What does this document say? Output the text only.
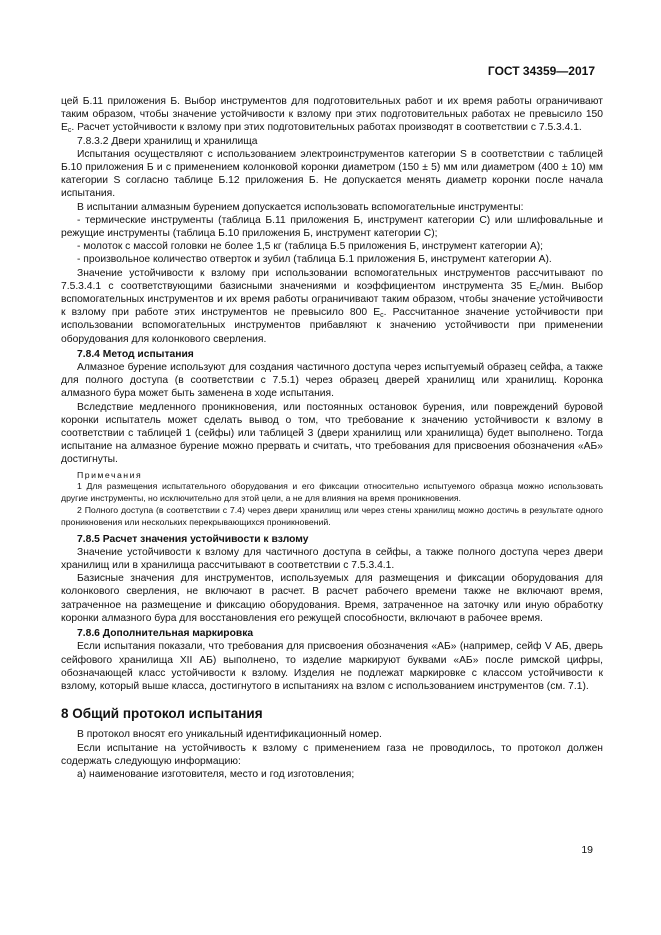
ГОСТ 34359—2017

цей Б.11 приложения Б. Выбор инструментов для подготовительных работ и их время работы ограничивают таким образом, чтобы значение устойчивости к взлому при этих подготовительных работах не превысило 150 $E_c$. Расчет устойчивости к взлому при этих подготовительных работах производят в соответствии с 7.5.3.4.1.

7.8.3.2 Двери хранилищ и хранилища

Испытания осуществляют с использованием электроинструментов категории S в соответствии с таблицей Б.10 приложения Б и с применением колонковой коронки диаметром (150 ± 5) мм или диаметром (400 ± 10) мм категории S согласно таблице Б.12 приложения Б. Не допускается менять диаметр коронки после начала испытания.

В испытании алмазным бурением допускается использовать вспомогательные инструменты:

- термические инструменты (таблица Б.11 приложения Б, инструмент категории С) или шлифовальные и режущие инструменты (таблица Б.10 приложения Б, инструмент категории С);

- молоток с массой головки не более 1,5 кг (таблица Б.5 приложения Б, инструмент категории А);

- произвольное количество отверток и зубил (таблица Б.1 приложения Б, инструмент категории А).

Значение устойчивости к взлому при использовании вспомогательных инструментов рассчитывают по 7.5.3.4.1 с соответствующими базисными значениями и коэффициентом инструмента 35 $E_c$/мин. Выбор вспомогательных инструментов и их время работы ограничивают таким образом, чтобы значение устойчивости к взлому при работе этих инструментов не превысило 800 $E_c$. Рассчитанное значение устойчивости при использовании вспомогательных инструментов прибавляют к значению устойчивости при применении оборудования для колонкового сверления.

7.8.4 Метод испытания

Алмазное бурение используют для создания частичного доступа через испытуемый образец сейфа, а также для полного доступа (в соответствии с 7.5.1) через образец дверей хранилищ или хранилищ. Коронка алмазного бура может быть заменена в ходе испытания.

Вследствие медленного проникновения, или постоянных остановок бурения, или повреждений буровой коронки испытатель может сделать вывод о том, что требование к значению устойчивости к взлому в соответствии с таблицей 1 (сейфы) или таблицей 3 (двери хранилищ или хранилища) будет выполнено. Тогда испытание на алмазное бурение можно прервать и считать, что требования для присвоения обозначения «АБ» достигнуты.

Примечания

1 Для размещения испытательного оборудования и его фиксации относительно испытуемого образца можно использовать другие инструменты, но исключительно для этой цели, а не для влияния на время проникновения.

2 Полного доступа (в соответствии с 7.4) через двери хранилищ или через стены хранилищ можно достичь в результате одного проникновения или нескольких перекрывающихся проникновений.

7.8.5 Расчет значения устойчивости к взлому

Значение устойчивости к взлому для частичного доступа в сейфы, а также полного доступа через двери хранилищ или в хранилища рассчитывают в соответствии с 7.5.3.4.1.

Базисные значения для инструментов, используемых для размещения и фиксации оборудования для колонкового сверления, не включают в расчет. В расчет рабочего времени также не включают время, затраченное на размещение и фиксацию оборудования. Время, затраченное на заточку или иную обработку коронки алмазного бура для восстановления его режущей способности, включают в рабочее время.

7.8.6 Дополнительная маркировка

Если испытания показали, что требования для присвоения обозначения «АБ» (например, сейф V АБ, дверь сейфового хранилища XII АБ) выполнено, то изделие маркируют буквами «АБ» после римской цифры, обозначающей класс устойчивости к взлому. Изделия не подлежат маркировке с классом устойчивости к взлому, который выше класса, достигнутого в испытаниях на взлом с использованием инструментов (см. 7.1).

8 Общий протокол испытания

В протокол вносят его уникальный идентификационный номер.

Если испытание на устойчивость к взлому с применением газа не проводилось, то протокол должен содержать следующую информацию:

а) наименование изготовителя, место и год изготовления;

19
